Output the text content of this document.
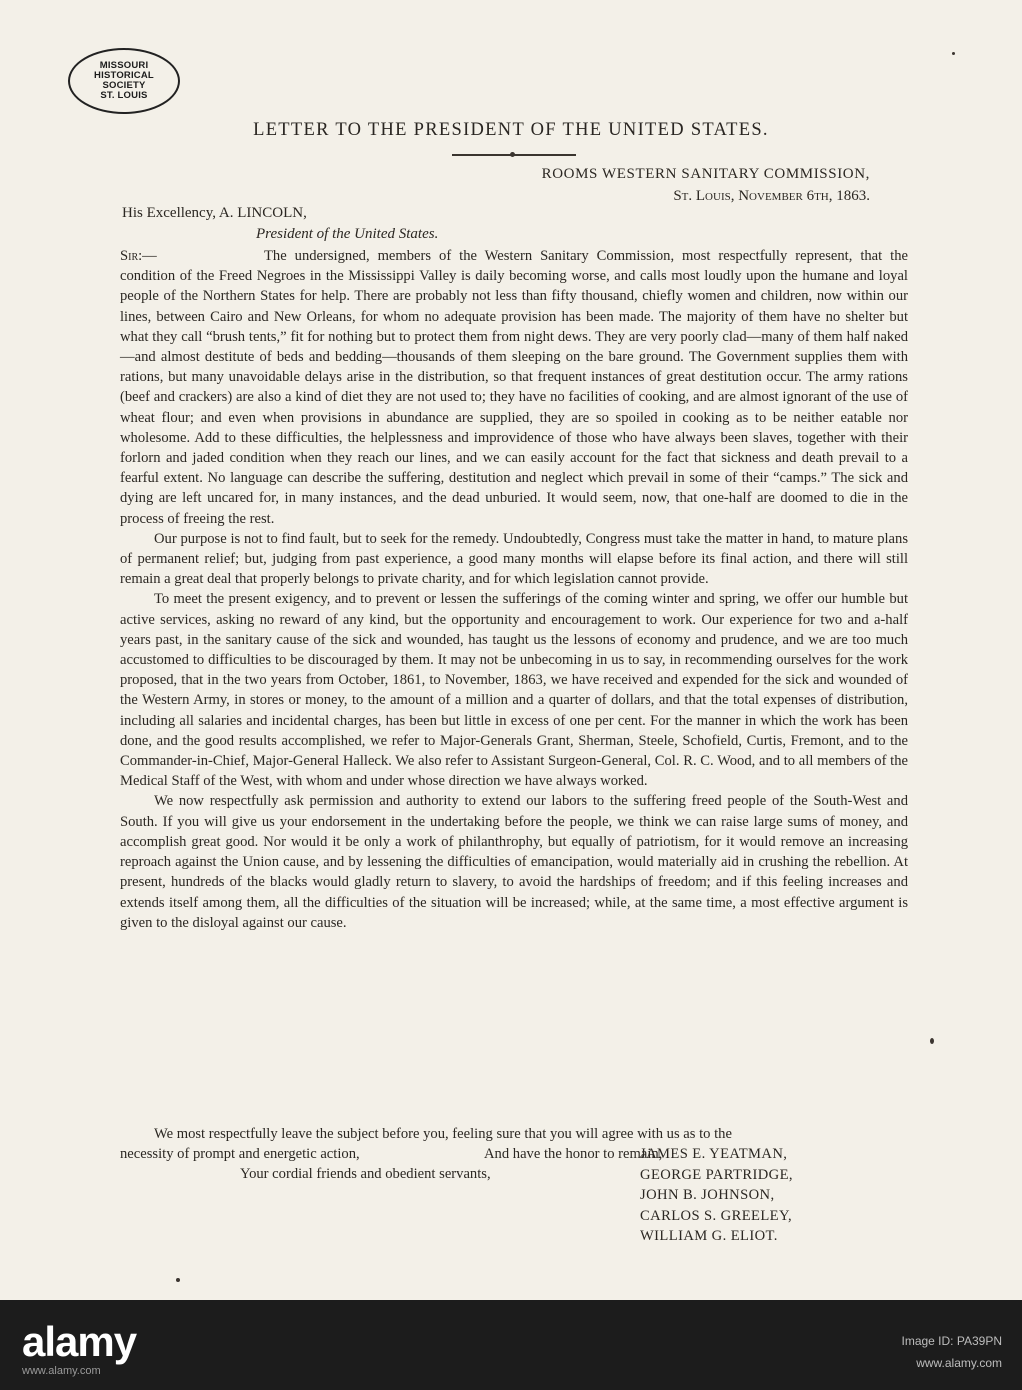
MISSOURI
HISTORICAL
SOCIETY
ST. LOUIS
LETTER TO THE PRESIDENT OF THE UNITED STATES.
ROOMS WESTERN SANITARY COMMISSION,
St. Louis, November 6th, 1863.
His Excellency, A. LINCOLN,
President of the United States.

Sir:—	The undersigned, members of the Western Sanitary Commission, most respectfully represent, that the condition of the Freed Negroes in the Mississippi Valley is daily becoming worse, and calls most loudly upon the humane and loyal people of the Northern States for help. There are probably not less than fifty thousand, chiefly women and children, now within our lines, between Cairo and New Orleans, for whom no adequate provision has been made. The majority of them have no shelter but what they call “brush tents,” fit for nothing but to protect them from night dews. They are very poorly clad—many of them half naked—and almost destitute of beds and bedding—thousands of them sleeping on the bare ground. The Government supplies them with rations, but many unavoidable delays arise in the distribution, so that frequent instances of great destitution occur. The army rations (beef and crackers) are also a kind of diet they are not used to; they have no facilities of cooking, and are almost ignorant of the use of wheat flour; and even when provisions in abundance are supplied, they are so spoiled in cooking as to be neither eatable nor wholesome. Add to these difficulties, the helplessness and improvidence of those who have always been slaves, together with their forlorn and jaded condition when they reach our lines, and we can easily account for the fact that sickness and death prevail to a fearful extent. No language can describe the suffering, destitution and neglect which prevail in some of their “camps.” The sick and dying are left uncared for, in many instances, and the dead unburied. It would seem, now, that one-half are doomed to die in the process of freeing the rest.

Our purpose is not to find fault, but to seek for the remedy. Undoubtedly, Congress must take the matter in hand, to mature plans of permanent relief; but, judging from past experience, a good many months will elapse before its final action, and there will still remain a great deal that properly belongs to private charity, and for which legislation cannot provide.

To meet the present exigency, and to prevent or lessen the sufferings of the coming winter and spring, we offer our humble but active services, asking no reward of any kind, but the opportunity and encouragement to work. Our experience for two and a-half years past, in the sanitary cause of the sick and wounded, has taught us the lessons of economy and prudence, and we are too much accustomed to difficulties to be discouraged by them. It may not be unbecoming in us to say, in recommending ourselves for the work proposed, that in the two years from October, 1861, to November, 1863, we have received and expended for the sick and wounded of the Western Army, in stores or money, to the amount of a million and a quarter of dollars, and that the total expenses of distribution, including all salaries and incidental charges, has been but little in excess of one per cent. For the manner in which the work has been done, and the good results accomplished, we refer to Major-Generals Grant, Sherman, Steele, Schofield, Curtis, Fremont, and to the Commander-in-Chief, Major-General Halleck. We also refer to Assistant Surgeon-General, Col. R. C. Wood, and to all members of the Medical Staff of the West, with whom and under whose direction we have always worked.

We now respectfully ask permission and authority to extend our labors to the suffering freed people of the South-West and South. If you will give us your endorsement in the undertaking before the people, we think we can raise large sums of money, and accomplish great good. Nor would it be only a work of philanthrophy, but equally of patriotism, for it would remove an increasing reproach against the Union cause, and by lessening the difficulties of emancipation, would materially aid in crushing the rebellion. At present, hundreds of the blacks would gladly return to slavery, to avoid the hardships of freedom; and if this feeling increases and extends itself among them, all the difficulties of the situation will be increased; while, at the same time, a most effective argument is given to the disloyal against our cause.

We most respectfully leave the subject before you, feeling sure that you will agree with us as to the
necessity of prompt and energetic action,	And have the honor to remain,
Your cordial friends and obedient servants,
JAMES E. YEATMAN,
GEORGE PARTRIDGE,
JOHN B. JOHNSON,
CARLOS S. GREELEY,
WILLIAM G. ELIOT.
alamy
www.alamy.com
Image ID: PA39PN
www.alamy.com
